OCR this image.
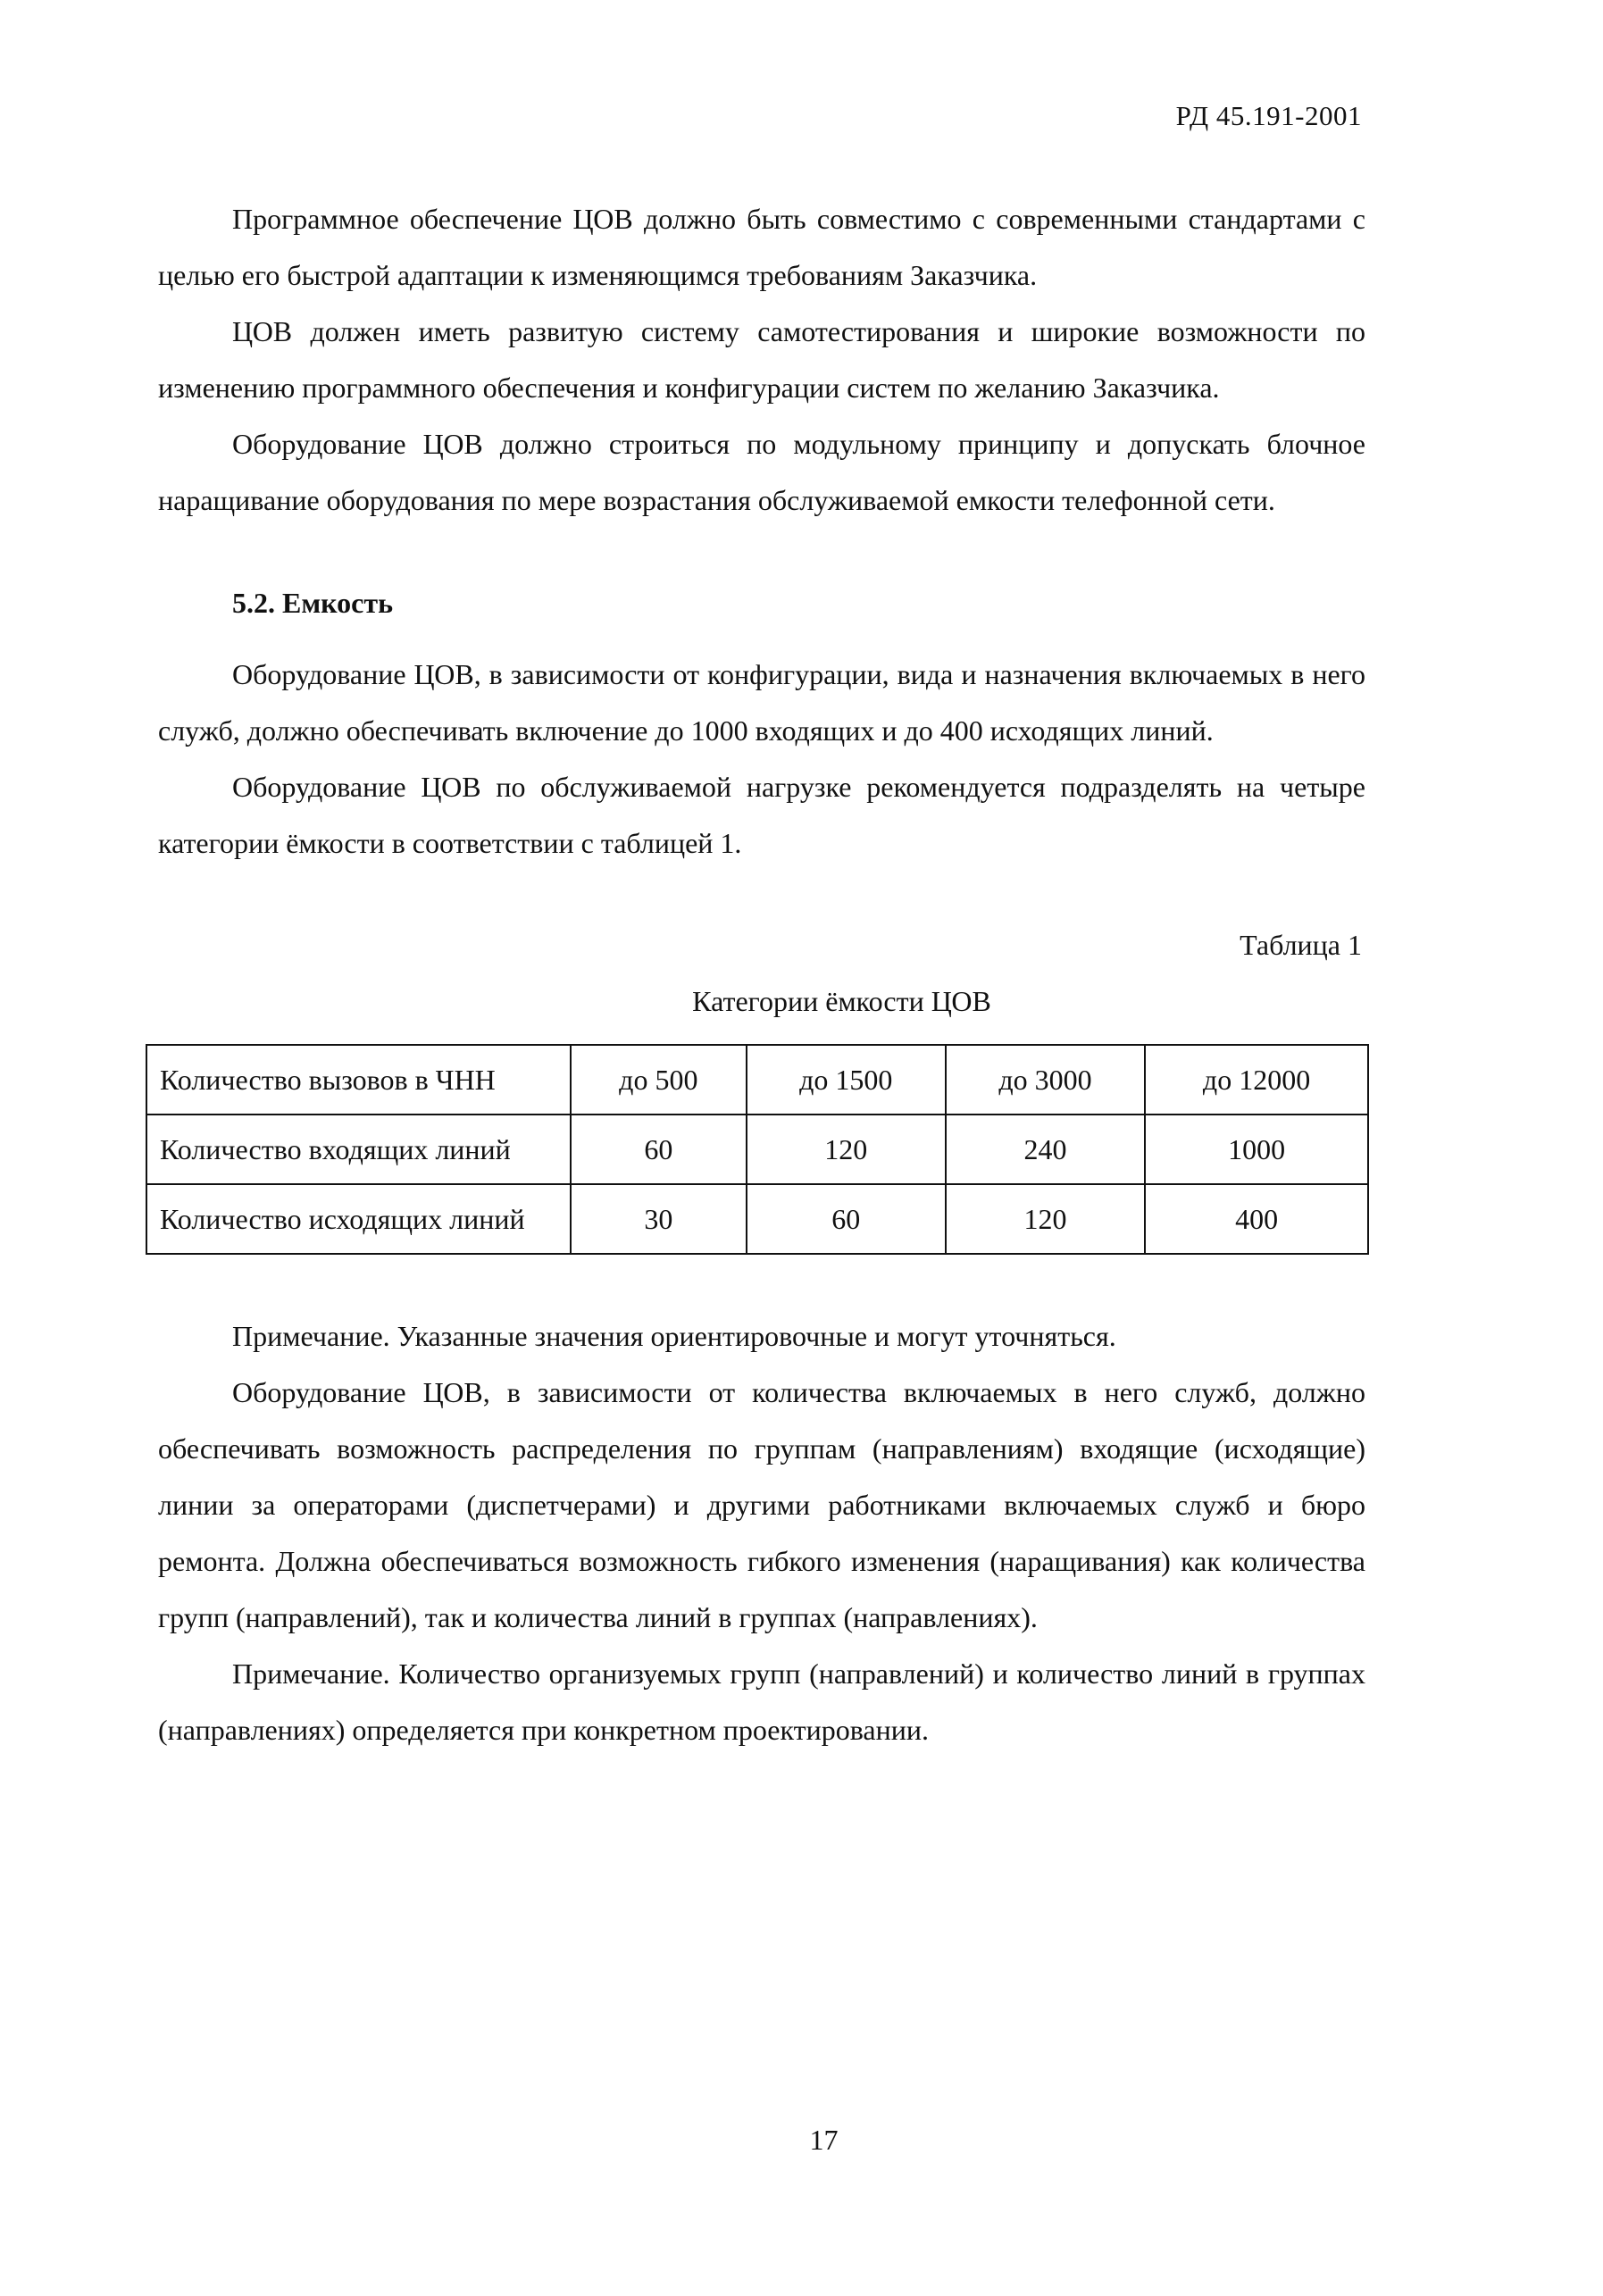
РД 45.191-2001

Программное обеспечение ЦОВ должно быть совместимо с современными стандартами с целью его быстрой адаптации к изменяющимся требованиям Заказчика.

ЦОВ должен иметь развитую систему самотестирования и широкие возможности по изменению программного обеспечения и конфигурации систем по желанию Заказчика.

Оборудование ЦОВ должно строиться по модульному принципу и допускать блочное наращивание оборудования по мере возрастания обслуживаемой емкости телефонной сети.

5.2. Емкость

Оборудование ЦОВ, в зависимости от конфигурации, вида и назначения включаемых в него служб, должно обеспечивать включение до 1000 входящих и до 400 исходящих линий.

Оборудование ЦОВ по обслуживаемой нагрузке рекомендуется подразделять на четыре категории ёмкости в соответствии с таблицей 1.

Таблица 1
Категории ёмкости ЦОВ
Количество вызовов в ЧНН	до 500	до 1500	до 3000	до 12000
Количество входящих линий	60	120	240	1000
Количество исходящих линий	30	60	120	400

Примечание. Указанные значения ориентировочные и могут уточняться.

Оборудование ЦОВ, в зависимости от количества включаемых в него служб, должно обеспечивать возможность распределения по группам (направлениям) входящие (исходящие) линии за операторами (диспетчерами) и другими работниками включаемых служб и бюро ремонта. Должна обеспечиваться возможность гибкого изменения (наращивания) как количества групп (направлений), так и количества линий в группах (направлениях).

Примечание. Количество организуемых групп (направлений) и количество линий в группах (направлениях) определяется при конкретном проектировании.

17
